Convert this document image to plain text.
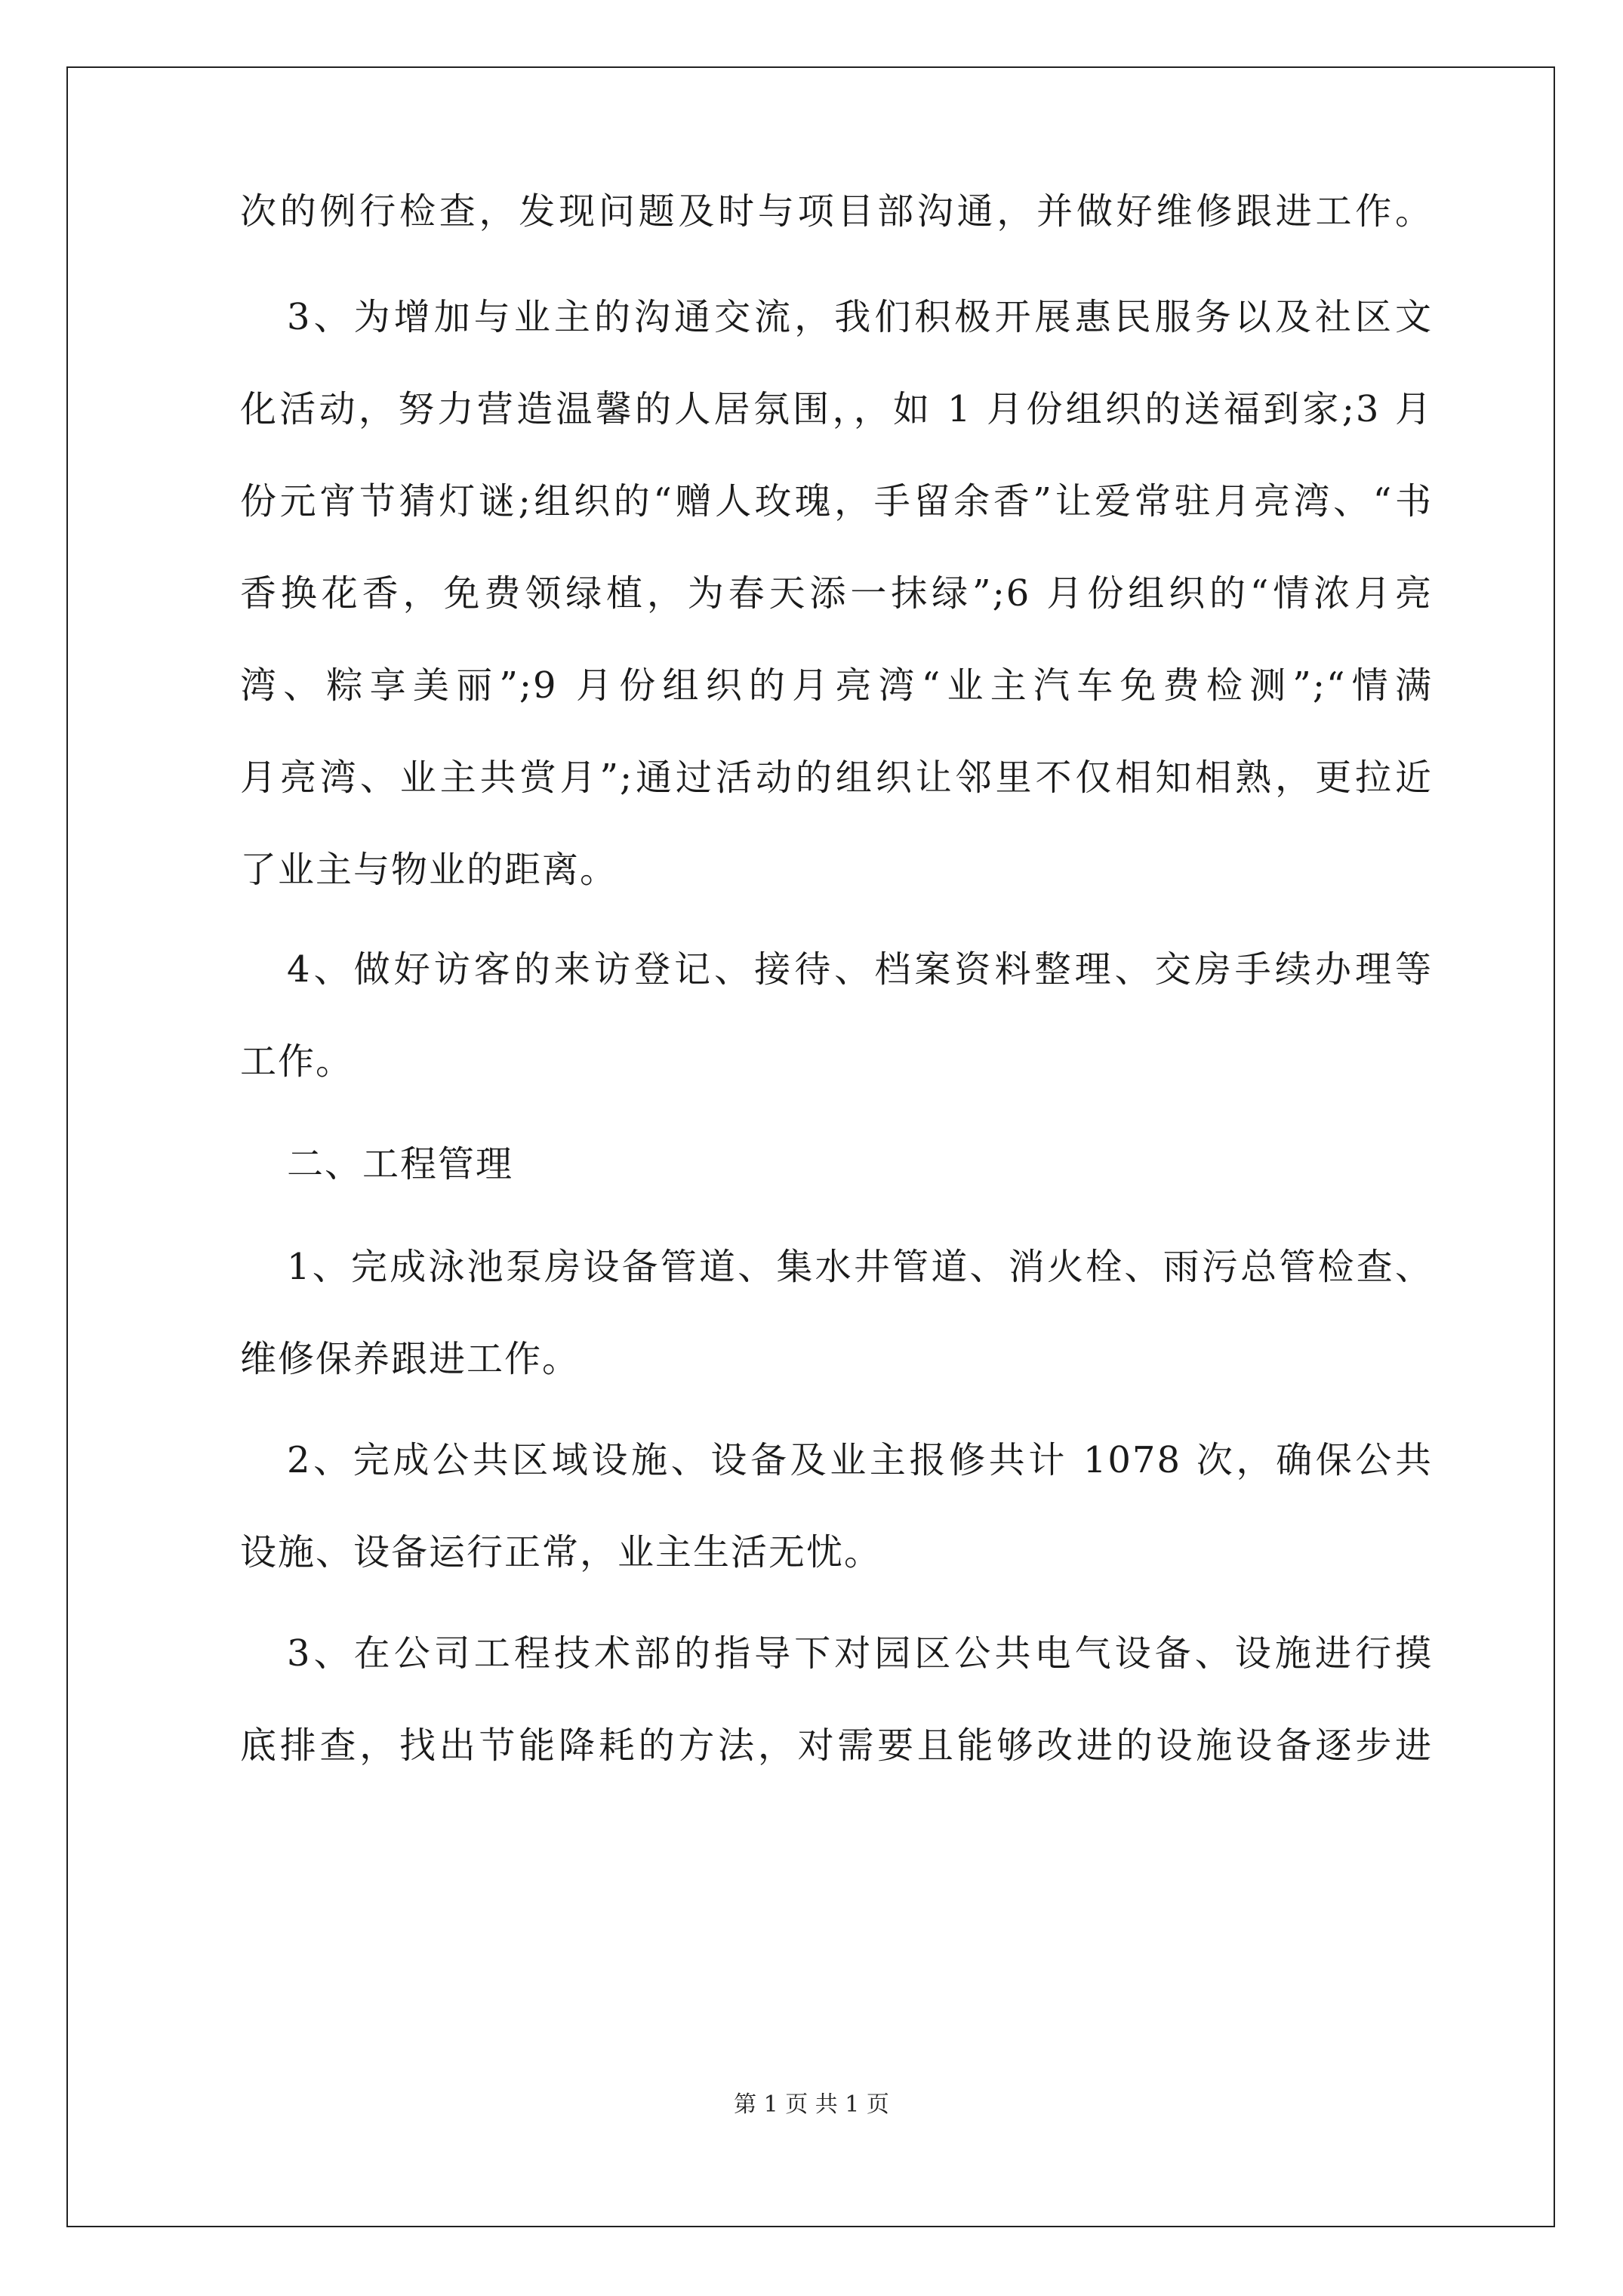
次的例行检查，发现问题及时与项目部沟通，并做好维修跟进工作。
3、为增加与业主的沟通交流，我们积极开展惠民服务以及社区文
化活动，努力营造温馨的人居氛围，，如 1 月份组织的送福到家;3 月
份元宵节猜灯谜;组织的“赠人玫瑰，手留余香”让爱常驻月亮湾、“书
香换花香，免费领绿植，为春天添一抹绿”;6 月份组织的“情浓月亮
湾、粽享美丽”;9 月份组织的月亮湾“业主汽车免费检测”;“情满
月亮湾、业主共赏月”;通过活动的组织让邻里不仅相知相熟，更拉近
了业主与物业的距离。
4、做好访客的来访登记、接待、档案资料整理、交房手续办理等
工作。
二、工程管理
1、完成泳池泵房设备管道、集水井管道、消火栓、雨污总管检查、
维修保养跟进工作。
2、完成公共区域设施、设备及业主报修共计 1078 次，确保公共
设施、设备运行正常，业主生活无忧。
3、在公司工程技术部的指导下对园区公共电气设备、设施进行摸
底排查，找出节能降耗的方法，对需要且能够改进的设施设备逐步进
第 1 页 共 1 页
